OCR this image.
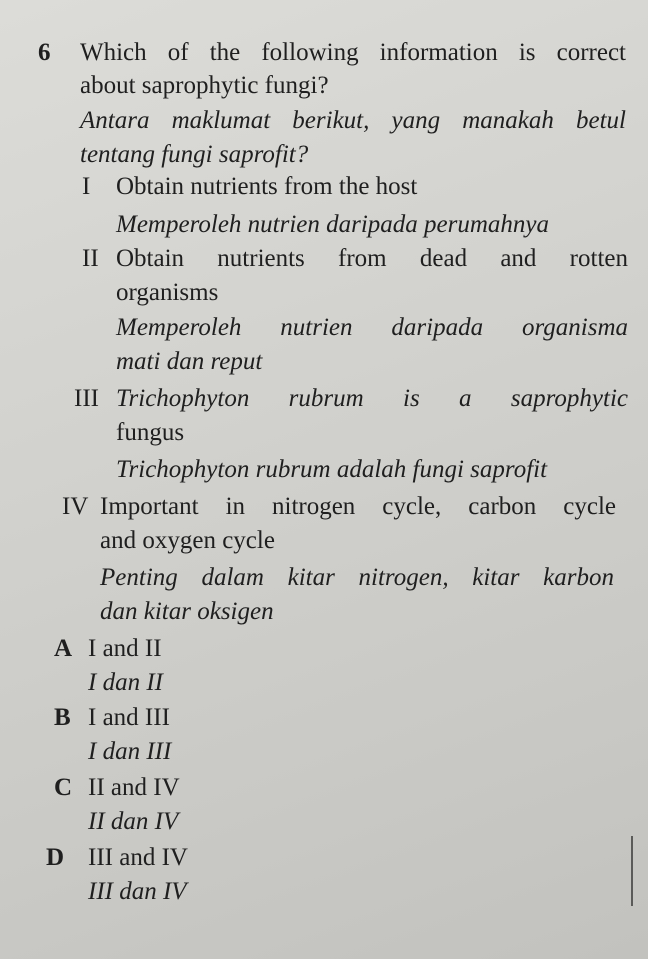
6 Which of the following information is correct
about saprophytic fungi?
Antara maklumat berikut, yang manakah betul
tentang fungi saprofit?
I Obtain nutrients from the host
Memperoleh nutrien daripada perumahnya
II Obtain nutrients from dead and rotten
organisms
Memperoleh nutrien daripada organisma
mati dan reput
III Trichophyton rubrum is a saprophytic
fungus
Trichophyton rubrum adalah fungi saprofit
IV Important in nitrogen cycle, carbon cycle
and oxygen cycle
Penting dalam kitar nitrogen, kitar karbon
dan kitar oksigen
A I and II
I dan II
B I and III
I dan III
C II and IV
II dan IV
D III and IV
III dan IV
